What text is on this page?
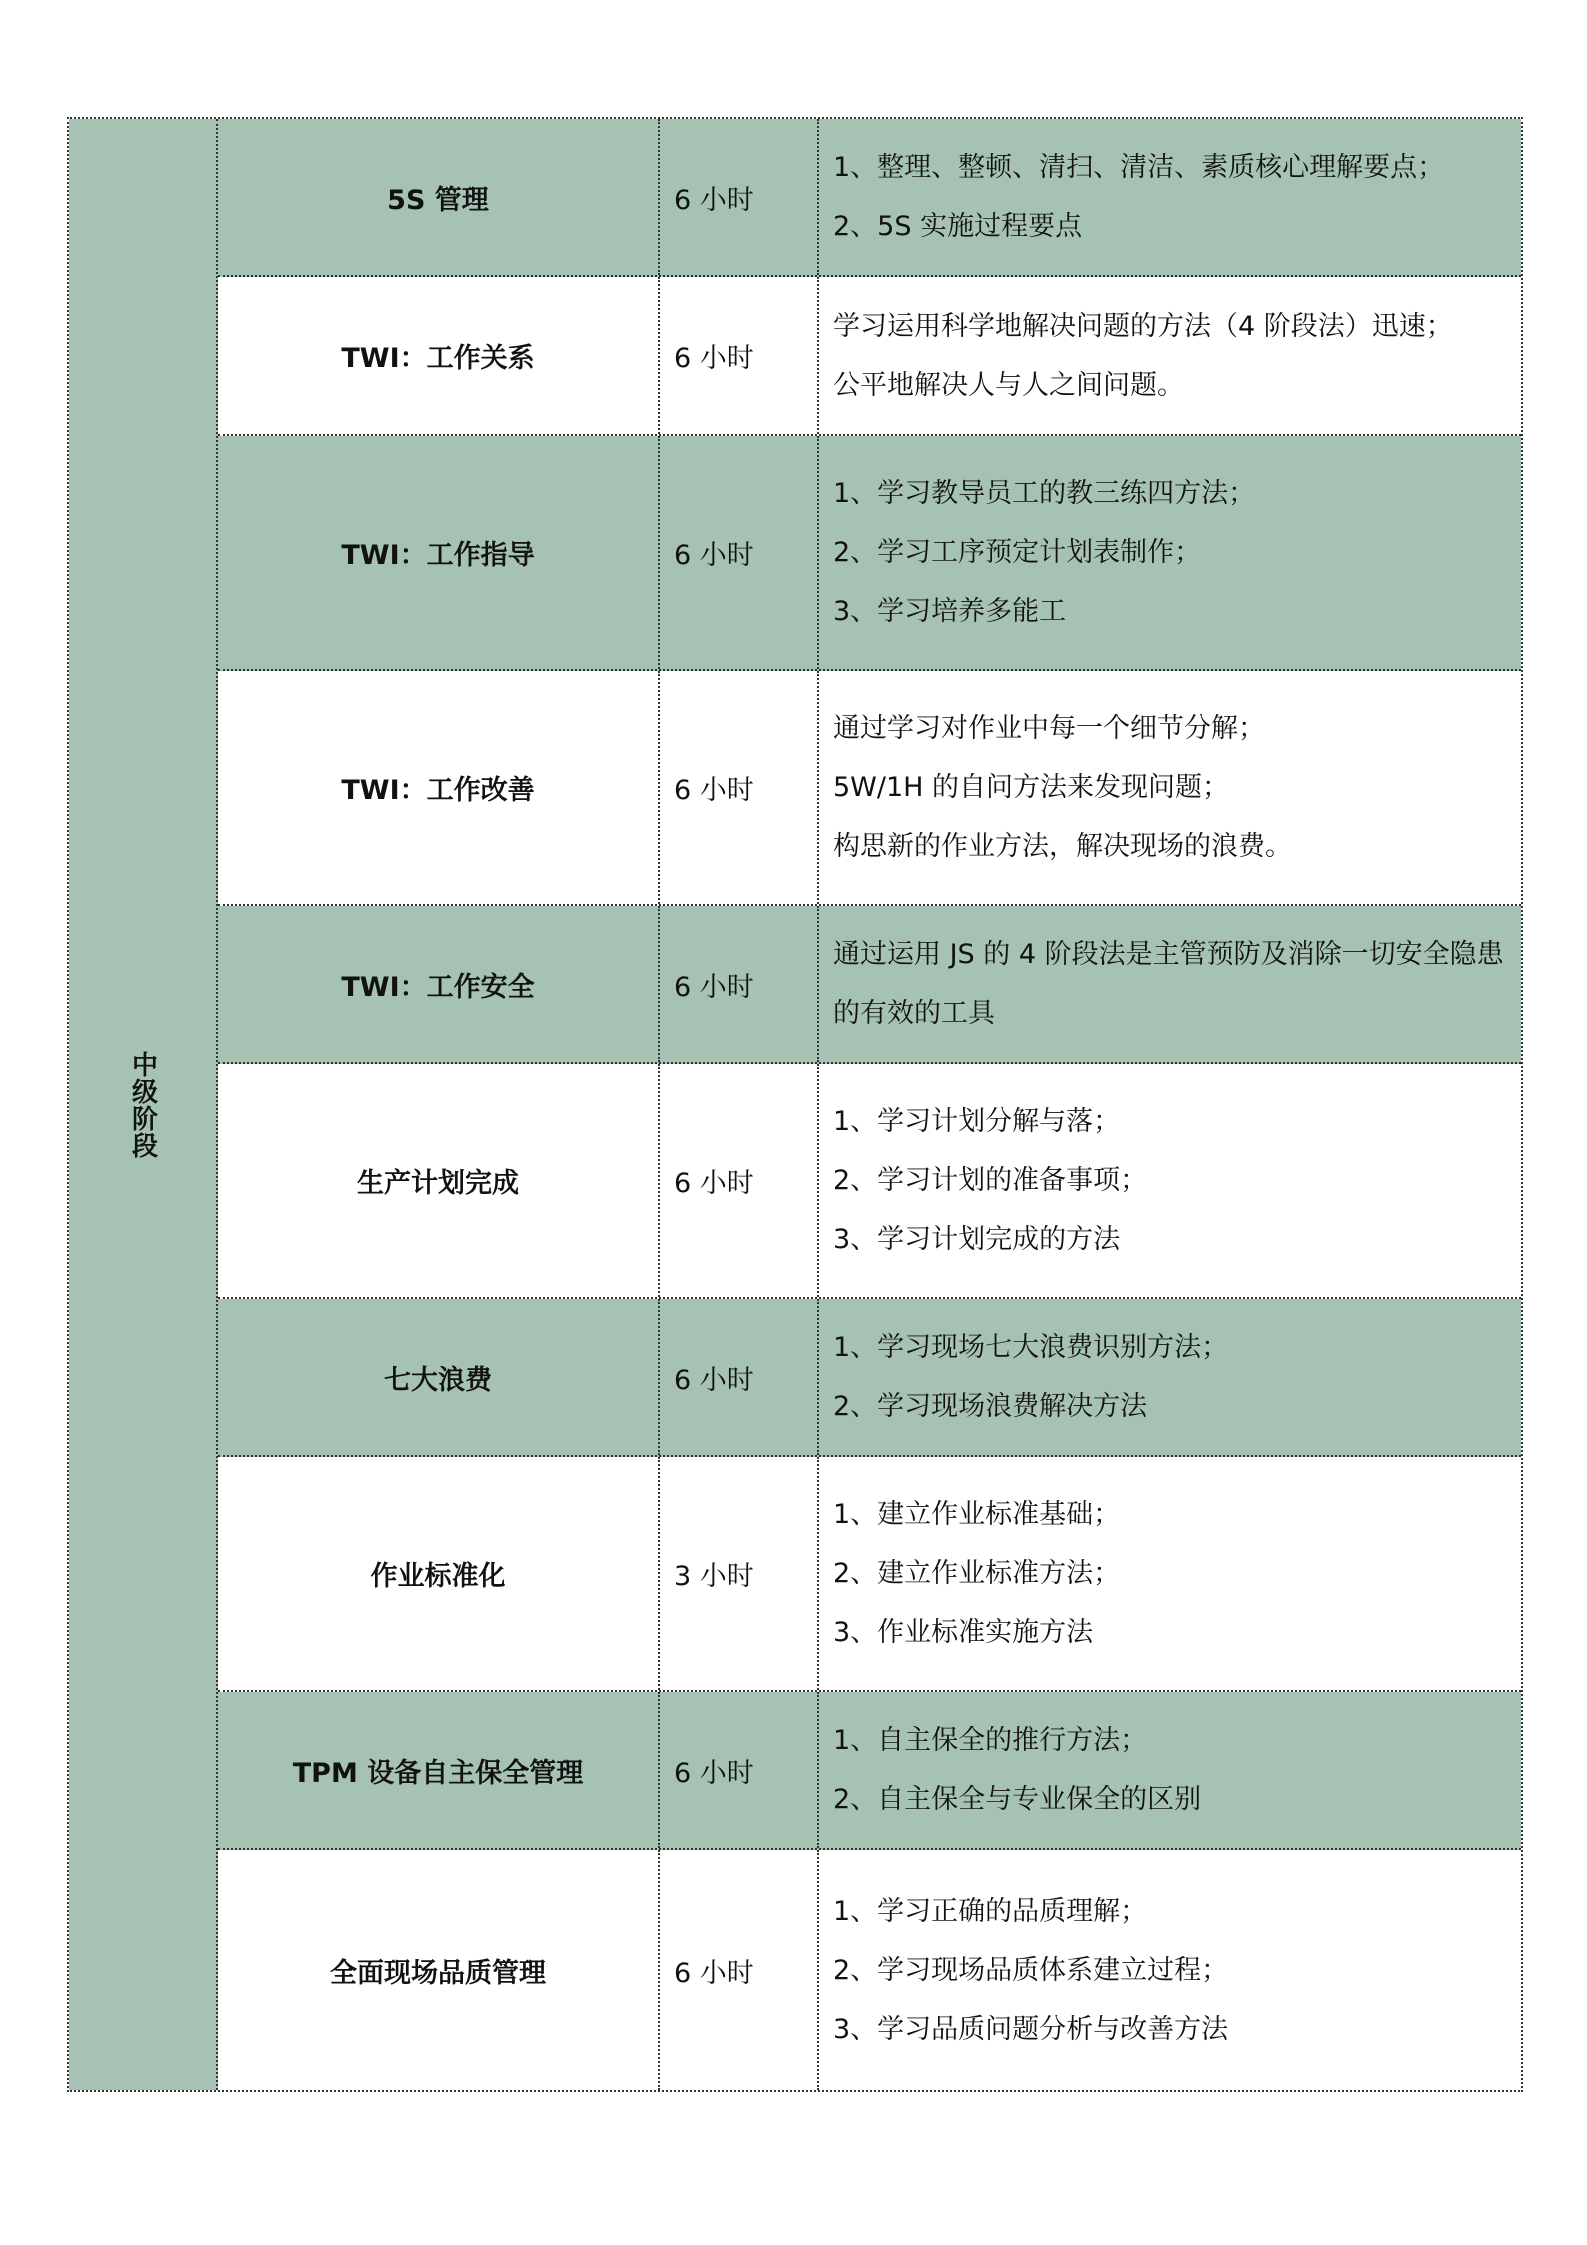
中级阶段
5S 管理	6 小时
1、整理、整顿、清扫、清洁、素质核心理解要点；
2、5S 实施过程要点
TWI：工作关系	6 小时
学习运用科学地解决问题的方法（4 阶段法）迅速；
公平地解决人与人之间问题。
TWI：工作指导	6 小时
1、学习教导员工的教三练四方法；
2、学习工序预定计划表制作；
3、学习培养多能工
TWI：工作改善	6 小时
通过学习对作业中每一个细节分解；
5W/1H 的自问方法来发现问题；
构思新的作业方法，解决现场的浪费。
TWI：工作安全	6 小时
通过运用 JS 的 4 阶段法是主管预防及消除一切安全隐患
的有效的工具
生产计划完成	6 小时
1、学习计划分解与落；
2、学习计划的准备事项；
3、学习计划完成的方法
七大浪费	6 小时
1、学习现场七大浪费识别方法；
2、学习现场浪费解决方法
作业标准化	3 小时
1、建立作业标准基础；
2、建立作业标准方法；
3、作业标准实施方法
TPM 设备自主保全管理	6 小时
1、自主保全的推行方法；
2、自主保全与专业保全的区别
全面现场品质管理	6 小时
1、学习正确的品质理解；
2、学习现场品质体系建立过程；
3、学习品质问题分析与改善方法
